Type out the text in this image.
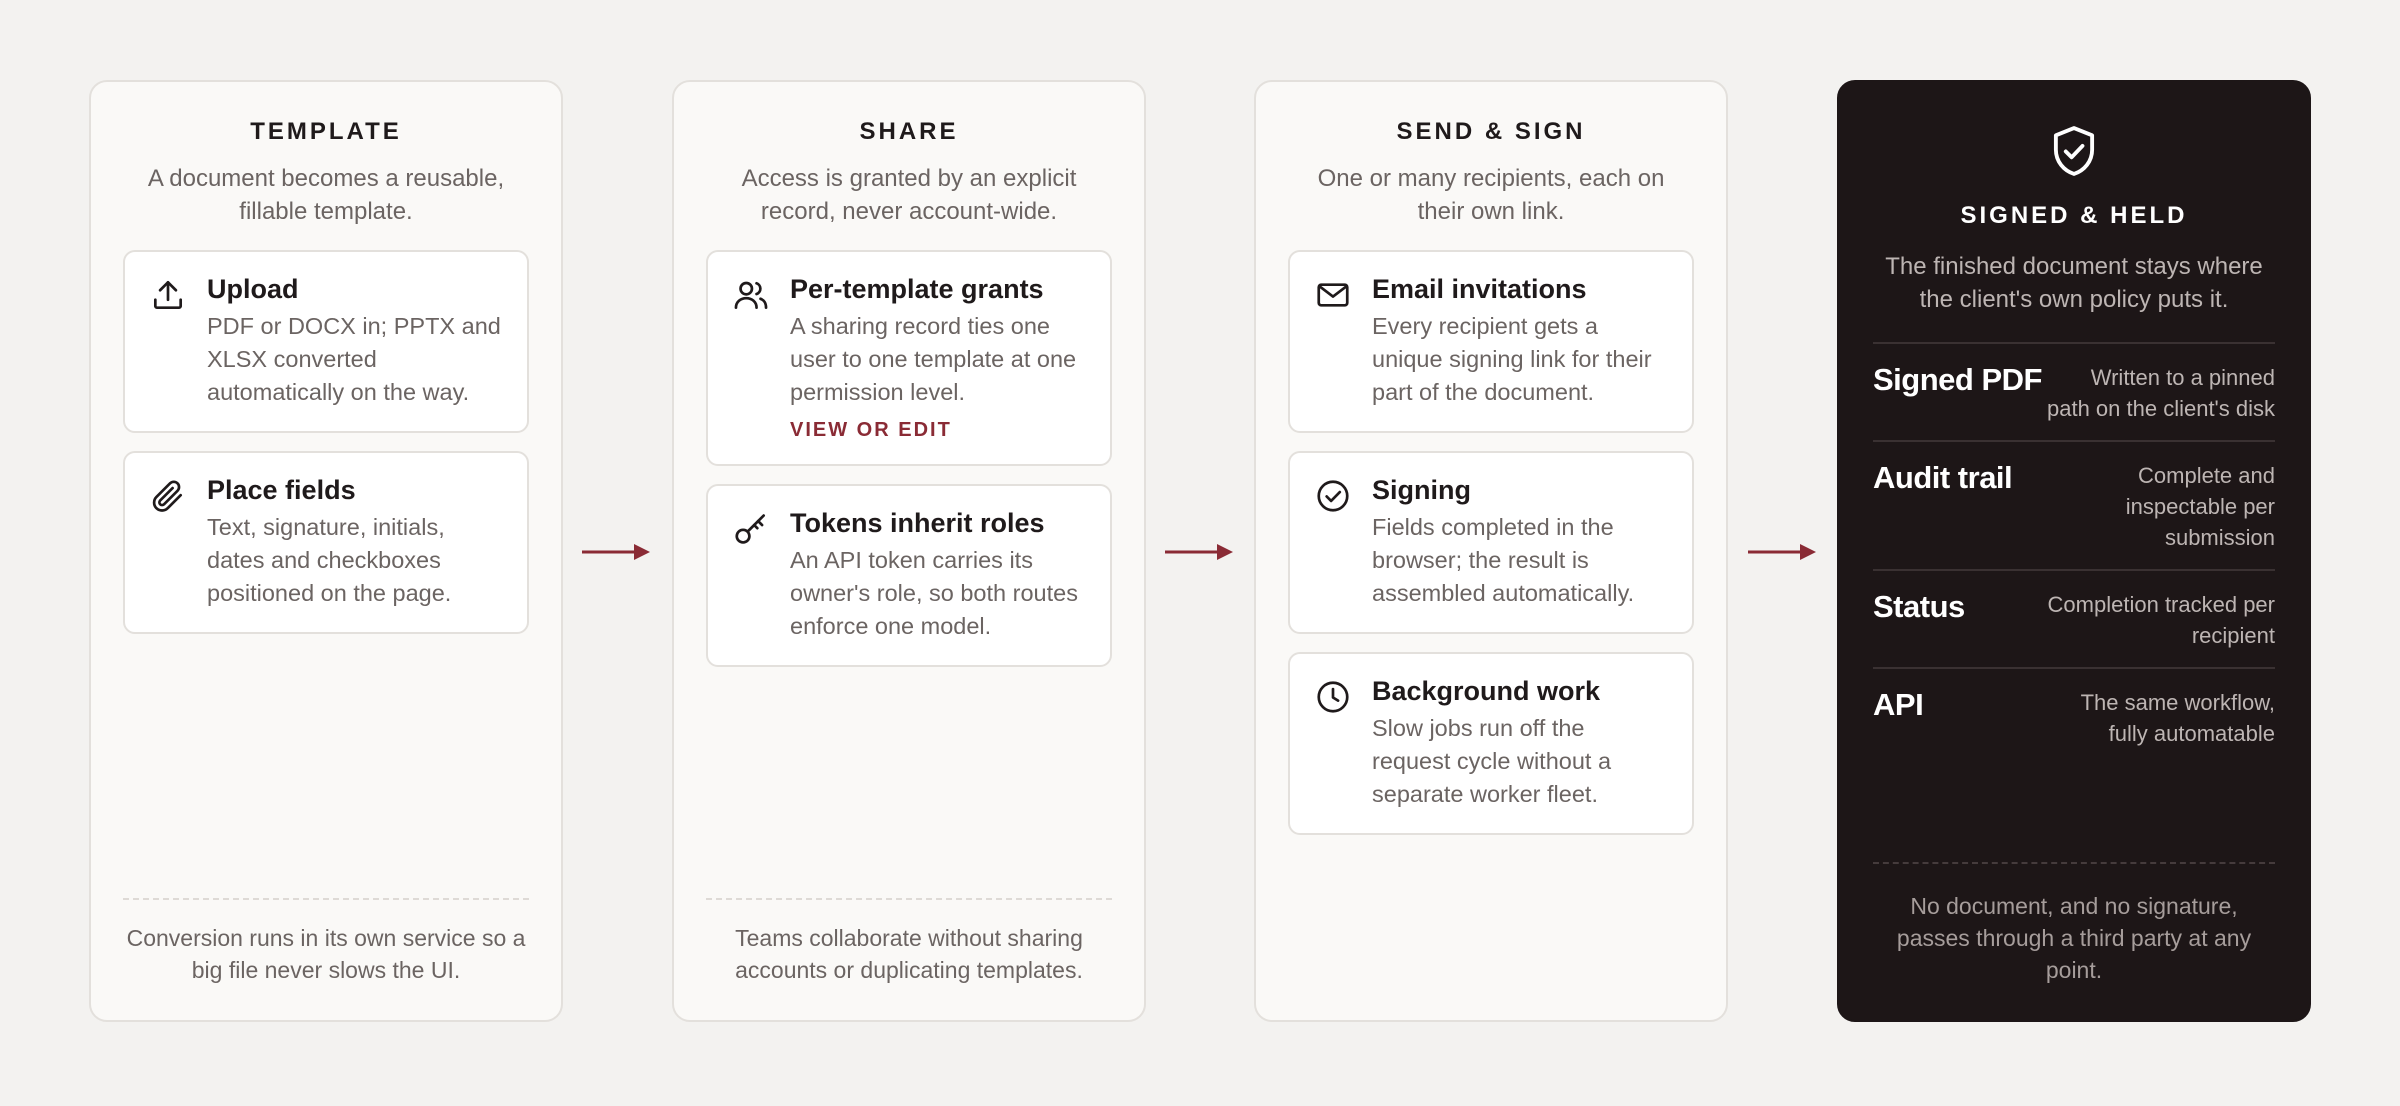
TEMPLATE
A document becomes a reusable, fillable template.
Upload
PDF or DOCX in; PPTX and XLSX converted automatically on the way.
Place fields
Text, signature, initials, dates and checkboxes positioned on the page.
Conversion runs in its own service so a big file never slows the UI.
SHARE
Access is granted by an explicit record, never account-wide.
Per-template grants
A sharing record ties one user to one template at one permission level.
VIEW OR EDIT
Tokens inherit roles
An API token carries its owner's role, so both routes enforce one model.
Teams collaborate without sharing accounts or duplicating templates.
SEND & SIGN
One or many recipients, each on their own link.
Email invitations
Every recipient gets a unique signing link for their part of the document.
Signing
Fields completed in the browser; the result is assembled automatically.
Background work
Slow jobs run off the request cycle without a separate worker fleet.
SIGNED & HELD
The finished document stays where the client's own policy puts it.
Signed PDF	Written to a pinned path on the client's disk
Audit trail	Complete and inspectable per submission
Status	Completion tracked per recipient
API	The same workflow, fully automatable
No document, and no signature, passes through a third party at any point.
